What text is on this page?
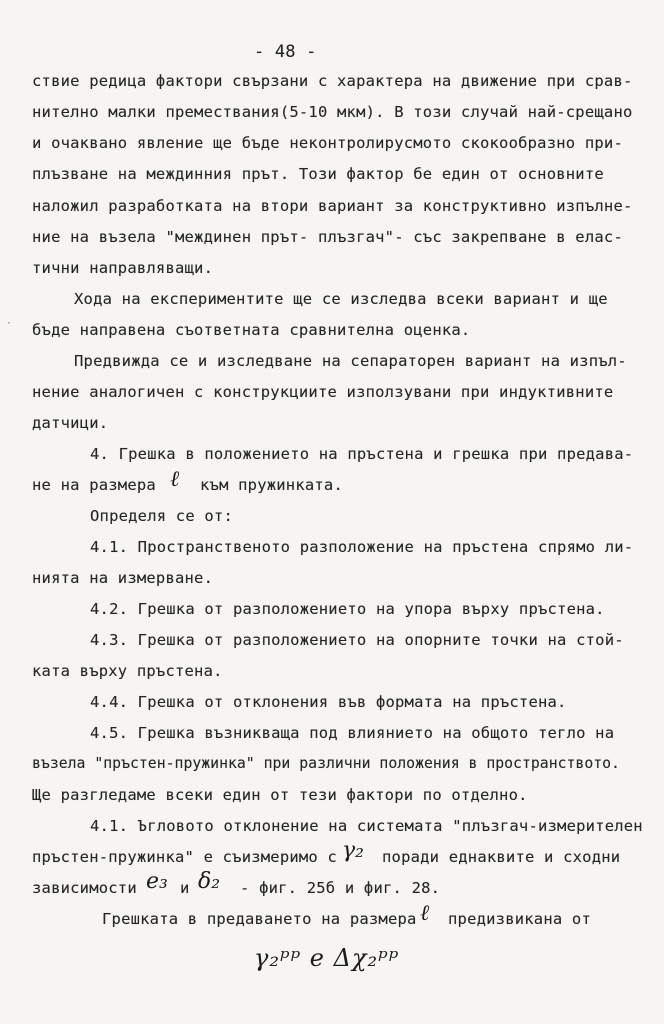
- 48 -
ствие редица фактори свързани с характера на движение при срав-
нително малки премествания(5-10 мкм). В този случай най-срещано
и очаквано явление ще бъде неконтролирусмото скокообразно при-
плъзване на междинния прът. Този фактор бе един от основните
наложил разработката на втори вариант за конструктивно изпълне-
ние на възела "междинен прът- плъзгач"- със закрепване в елас-
тични направляващи.
Хода на експериментите ще се изследва всеки вариант и ще
бъде направена съответната сравнителна оценка.
Предвижда се и изследване на сепараторен вариант на изпъл-
нение аналогичен с конструкциите използувани при индуктивните
датчици.
4. Грешка в положението на пръстена и грешка при предава-
не на размера ℓ към пружинката.
Определя се от:
4.1. Пространственото разположение на пръстена спрямо ли-
нията на измерване.
4.2. Грешка от разположението на упора върху пръстена.
4.3. Грешка от разположението на опорните точки на стой-
ката върху пръстена.
4.4. Грешка от отклонения във формата на пръстена.
4.5. Грешка възникваща под влиянието на общото тегло на
възела "пръстен-пружинка" при различни положения в пространството.
Ще разгледаме всеки един от тези фактори по отделно.
4.1. Ъгловото отклонение на системата "плъзгач-измерителен
пръстен-пружинка" е съизмеримо с γ₂ поради еднаквите и сходни
зависимости e₃ и δ₂ - фиг. 25б и фиг. 28.
Грешката в предаването на размера ℓ предизвикана от
γ₂ᵖᵖ e Δχ₂ᵖᵖ
·
